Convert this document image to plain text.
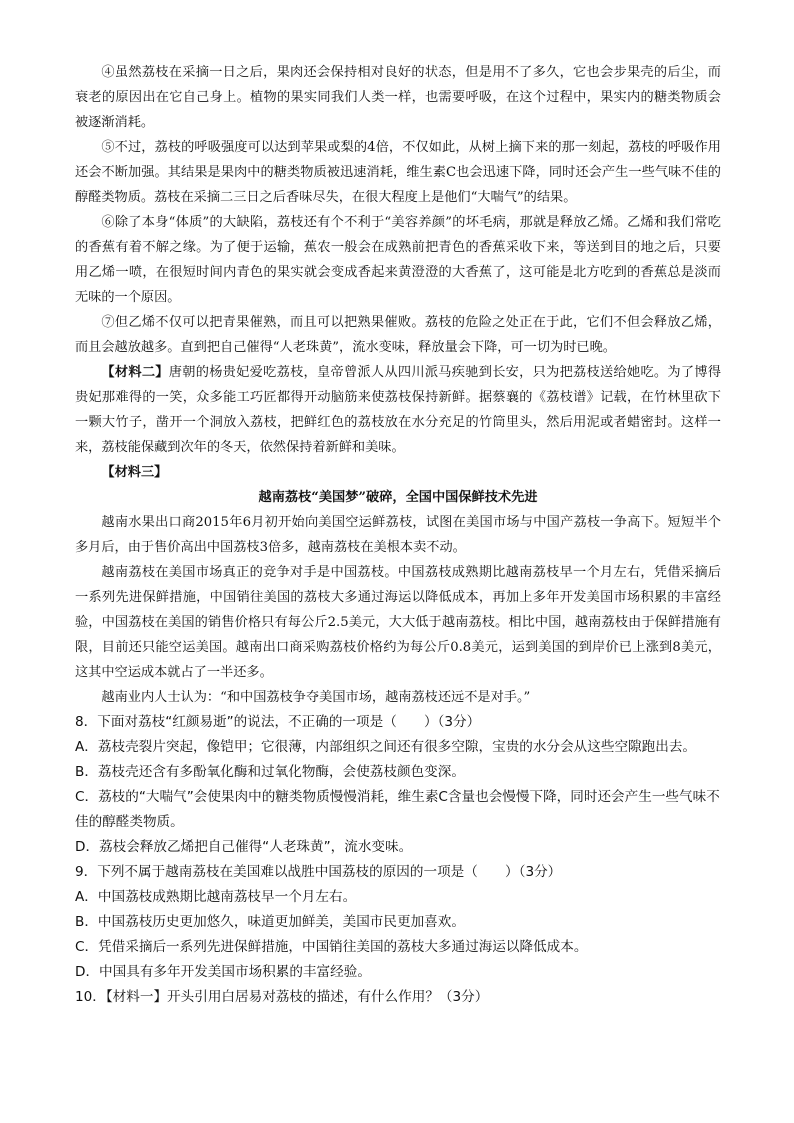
④虽然荔枝在采摘一日之后，果肉还会保持相对良好的状态，但是用不了多久，它也会步果壳的后尘，而衰老的原因出在它自己身上。植物的果实同我们人类一样，也需要呼吸，在这个过程中，果实内的糖类物质会被逐渐消耗。

⑤不过，荔枝的呼吸强度可以达到苹果或梨的4倍，不仅如此，从树上摘下来的那一刻起，荔枝的呼吸作用还会不断加强。其结果是果肉中的糖类物质被迅速消耗，维生素C也会迅速下降，同时还会产生一些气味不佳的醇醛类物质。荔枝在采摘二三日之后香味尽失，在很大程度上是他们“大喘气”的结果。

⑥除了本身“体质”的大缺陷，荔枝还有个不利于“美容养颜”的坏毛病，那就是释放乙烯。乙烯和我们常吃的香蕉有着不解之缘。为了便于运输，蕉农一般会在成熟前把青色的香蕉采收下来，等送到目的地之后，只要用乙烯一喷，在很短时间内青色的果实就会变成香起来黄澄澄的大香蕉了，这可能是北方吃到的香蕉总是淡而无味的一个原因。

⑦但乙烯不仅可以把青果催熟，而且可以把熟果催败。荔枝的危险之处正在于此，它们不但会释放乙烯，而且会越放越多。直到把自己催得“人老珠黄”，流水变味，释放量会下降，可一切为时已晚。

【材料二】唐朝的杨贵妃爱吃荔枝，皇帝曾派人从四川派马疾驰到长安，只为把荔枝送给她吃。为了博得贵妃那难得的一笑，众多能工巧匠都得开动脑筋来使荔枝保持新鲜。据蔡襄的《荔枝谱》记载，在竹林里砍下一颗大竹子，凿开一个洞放入荔枝，把鲜红色的荔枝放在水分充足的竹筒里头，然后用泥或者蜡密封。这样一来，荔枝能保藏到次年的冬天，依然保持着新鲜和美味。

【材料三】

越南荔枝“美国梦”破碎，全国中国保鲜技术先进

越南水果出口商2015年6月初开始向美国空运鲜荔枝，试图在美国市场与中国产荔枝一争高下。短短半个多月后，由于售价高出中国荔枝3倍多，越南荔枝在美根本卖不动。

越南荔枝在美国市场真正的竞争对手是中国荔枝。中国荔枝成熟期比越南荔枝早一个月左右，凭借采摘后一系列先进保鲜措施，中国销往美国的荔枝大多通过海运以降低成本，再加上多年开发美国市场积累的丰富经验，中国荔枝在美国的销售价格只有每公斤2.5美元，大大低于越南荔枝。相比中国，越南荔枝由于保鲜措施有限，目前还只能空运美国。越南出口商采购荔枝价格约为每公斤0.8美元，运到美国的到岸价已上涨到8美元，这其中空运成本就占了一半还多。

越南业内人士认为：“和中国荔枝争夺美国市场，越南荔枝还远不是对手。”

8．下面对荔枝“红颜易逝”的说法，不正确的一项是（　　）（3分）

A．荔枝壳裂片突起，像铠甲；它很薄，内部组织之间还有很多空隙，宝贵的水分会从这些空隙跑出去。

B．荔枝壳还含有多酚氧化酶和过氧化物酶，会使荔枝颜色变深。

C．荔枝的“大喘气”会使果肉中的糖类物质慢慢消耗，维生素C含量也会慢慢下降，同时还会产生一些气味不佳的醇醛类物质。

D．荔枝会释放乙烯把自己催得“人老珠黄”，流水变味。

9．下列不属于越南荔枝在美国难以战胜中国荔枝的原因的一项是（　　）（3分）

A．中国荔枝成熟期比越南荔枝早一个月左右。

B．中国荔枝历史更加悠久，味道更加鲜美，美国市民更加喜欢。

C．凭借采摘后一系列先进保鲜措施，中国销往美国的荔枝大多通过海运以降低成本。

D．中国具有多年开发美国市场积累的丰富经验。

10．【材料一】开头引用白居易对荔枝的描述，有什么作用？（3分）
